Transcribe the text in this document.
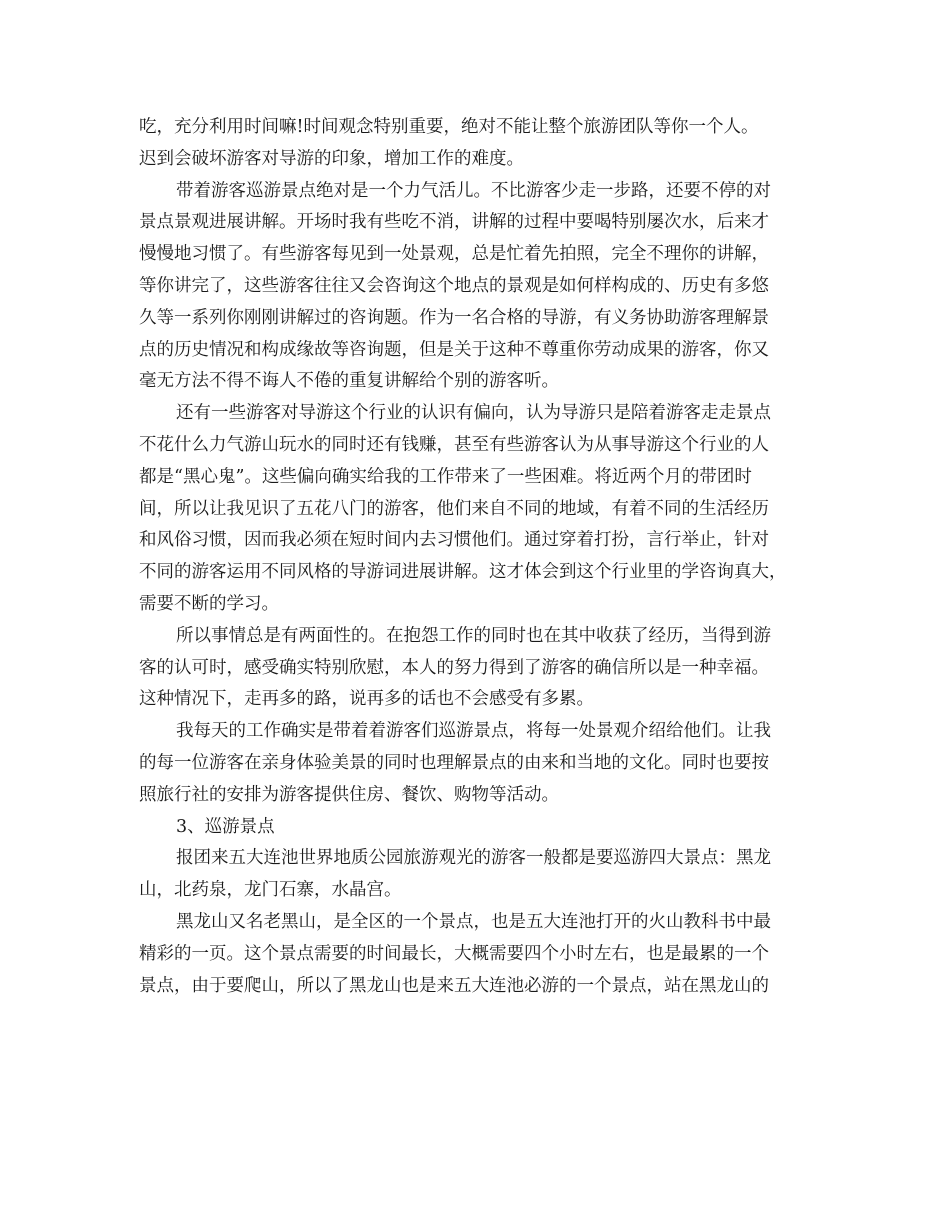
吃，充分利用时间嘛!时间观念特别重要，绝对不能让整个旅游团队等你一个人。
迟到会破坏游客对导游的印象，增加工作的难度。
带着游客巡游景点绝对是一个力气活儿。不比游客少走一步路，还要不停的对
景点景观进展讲解。开场时我有些吃不消，讲解的过程中要喝特别屡次水，后来才
慢慢地习惯了。有些游客每见到一处景观，总是忙着先拍照，完全不理你的讲解，
等你讲完了，这些游客往往又会咨询这个地点的景观是如何样构成的、历史有多悠
久等一系列你刚刚讲解过的咨询题。作为一名合格的导游，有义务协助游客理解景
点的历史情况和构成缘故等咨询题，但是关于这种不尊重你劳动成果的游客，你又
毫无方法不得不诲人不倦的重复讲解给个别的游客听。
还有一些游客对导游这个行业的认识有偏向，认为导游只是陪着游客走走景点
不花什么力气游山玩水的同时还有钱赚，甚至有些游客认为从事导游这个行业的人
都是“黑心鬼”。这些偏向确实给我的工作带来了一些困难。将近两个月的带团时
间，所以让我见识了五花八门的游客，他们来自不同的地域，有着不同的生活经历
和风俗习惯，因而我必须在短时间内去习惯他们。通过穿着打扮，言行举止，针对
不同的游客运用不同风格的导游词进展讲解。这才体会到这个行业里的学咨询真大，
需要不断的学习。
所以事情总是有两面性的。在抱怨工作的同时也在其中收获了经历，当得到游
客的认可时，感受确实特别欣慰，本人的努力得到了游客的确信所以是一种幸福。
这种情况下，走再多的路，说再多的话也不会感受有多累。
我每天的工作确实是带着着游客们巡游景点，将每一处景观介绍给他们。让我
的每一位游客在亲身体验美景的同时也理解景点的由来和当地的文化。同时也要按
照旅行社的安排为游客提供住房、餐饮、购物等活动。
3、巡游景点
报团来五大连池世界地质公园旅游观光的游客一般都是要巡游四大景点：黑龙
山，北药泉，龙门石寨，水晶宫。
黑龙山又名老黑山，是全区的一个景点，也是五大连池打开的火山教科书中最
精彩的一页。这个景点需要的时间最长，大概需要四个小时左右，也是最累的一个
景点，由于要爬山，所以了黑龙山也是来五大连池必游的一个景点，站在黑龙山的
